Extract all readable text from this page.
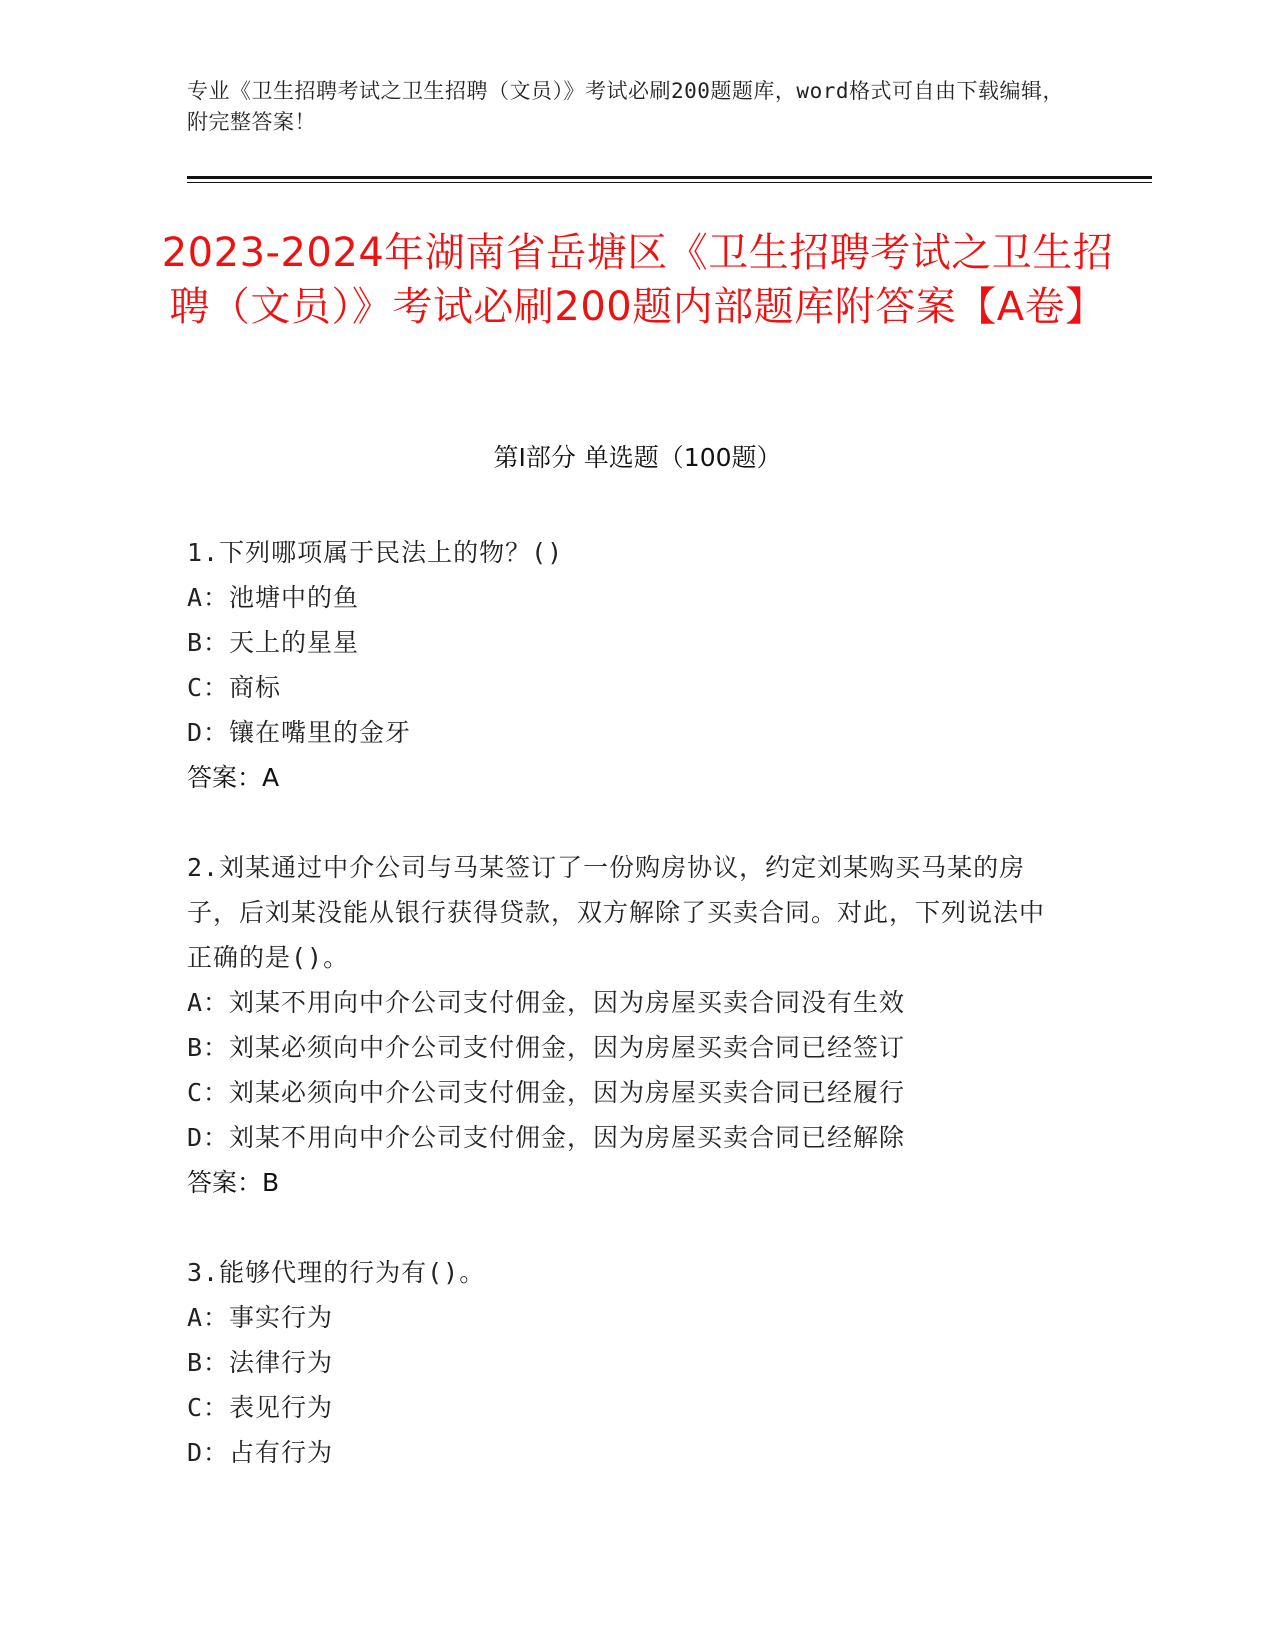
专业《卫生招聘考试之卫生招聘（文员）》考试必刷200题题库，word格式可自由下载编辑，附完整答案！
2023-2024年湖南省岳塘区《卫生招聘考试之卫生招聘（文员）》考试必刷200题内部题库附答案【A卷】
第Ⅰ部分 单选题（100题）
1.下列哪项属于民法上的物？()
A：池塘中的鱼
B：天上的星星
C：商标
D：镶在嘴里的金牙
答案：A
2.刘某通过中介公司与马某签订了一份购房协议，约定刘某购买马某的房子，后刘某没能从银行获得贷款，双方解除了买卖合同。对此，下列说法中正确的是()。
A：刘某不用向中介公司支付佣金，因为房屋买卖合同没有生效
B：刘某必须向中介公司支付佣金，因为房屋买卖合同已经签订
C：刘某必须向中介公司支付佣金，因为房屋买卖合同已经履行
D：刘某不用向中介公司支付佣金，因为房屋买卖合同已经解除
答案：B
3.能够代理的行为有()。
A：事实行为
B：法律行为
C：表见行为
D：占有行为
